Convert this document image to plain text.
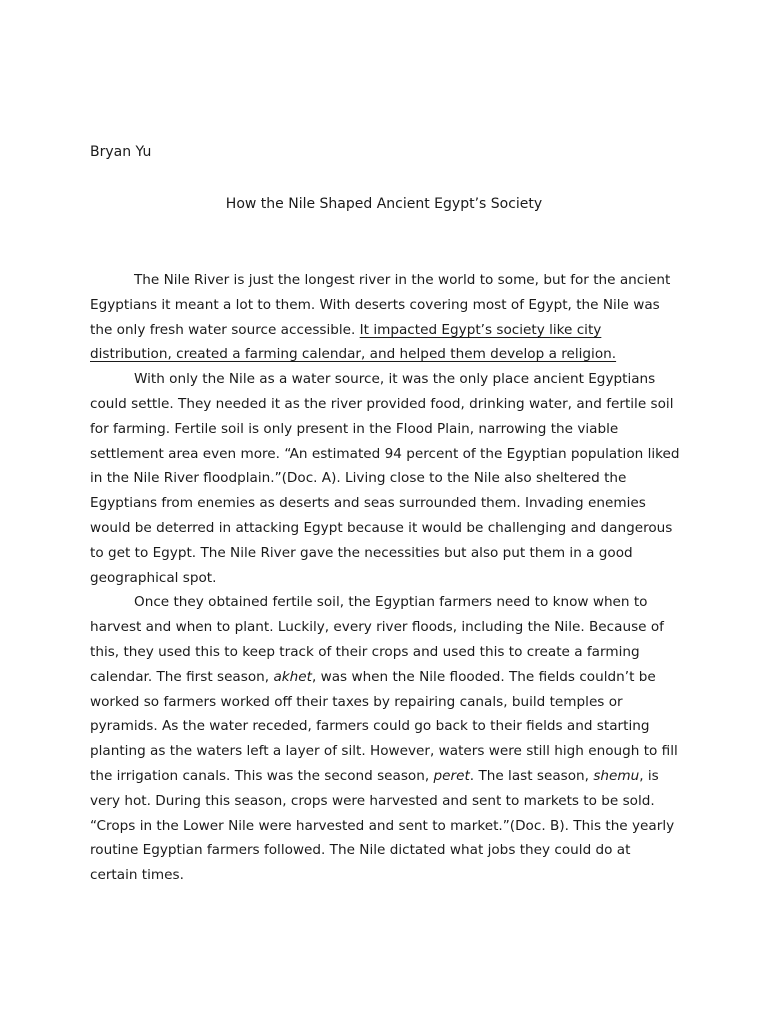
Bryan Yu

How the Nile Shaped Ancient Egypt’s Society

The Nile River is just the longest river in the world to some, but for the ancient Egyptians it meant a lot to them. With deserts covering most of Egypt, the Nile was the only fresh water source accessible. It impacted Egypt’s society like city distribution, created a farming calendar, and helped them develop a religion.

With only the Nile as a water source, it was the only place ancient Egyptians could settle. They needed it as the river provided food, drinking water, and fertile soil for farming. Fertile soil is only present in the Flood Plain, narrowing the viable settlement area even more. “An estimated 94 percent of the Egyptian population liked in the Nile River floodplain.”(Doc. A). Living close to the Nile also sheltered the Egyptians from enemies as deserts and seas surrounded them. Invading enemies would be deterred in attacking Egypt because it would be challenging and dangerous to get to Egypt. The Nile River gave the necessities but also put them in a good geographical spot.

Once they obtained fertile soil, the Egyptian farmers need to know when to harvest and when to plant. Luckily, every river floods, including the Nile. Because of this, they used this to keep track of their crops and used this to create a farming calendar. The first season, akhet, was when the Nile flooded. The fields couldn’t be worked so farmers worked off their taxes by repairing canals, build temples or pyramids. As the water receded, farmers could go back to their fields and starting planting as the waters left a layer of silt. However, waters were still high enough to fill the irrigation canals. This was the second season, peret. The last season, shemu, is very hot. During this season, crops were harvested and sent to markets to be sold. “Crops in the Lower Nile were harvested and sent to market.”(Doc. B). This the yearly routine Egyptian farmers followed. The Nile dictated what jobs they could do at certain times.
